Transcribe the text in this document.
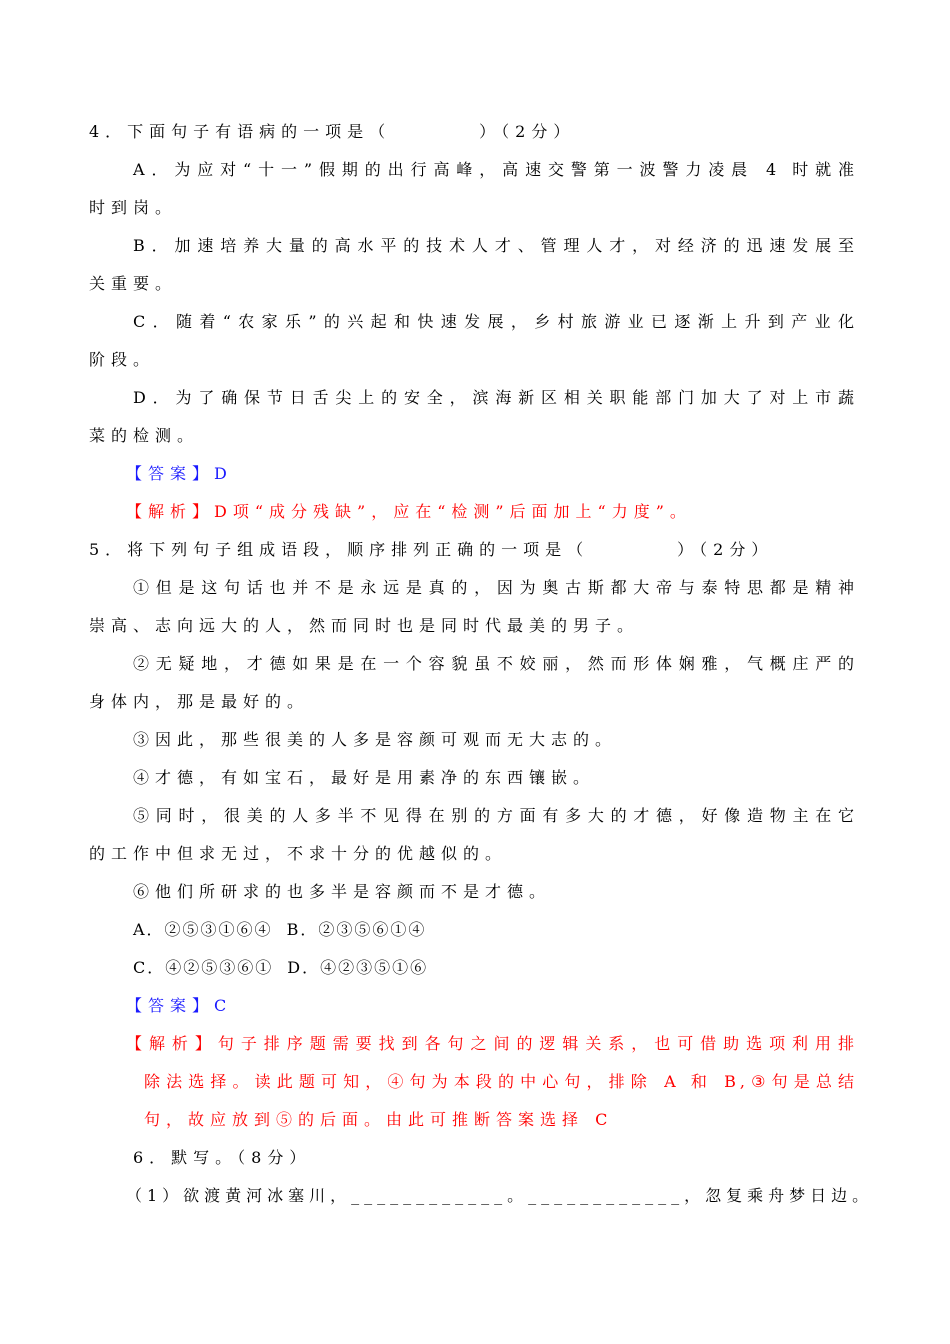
4．下面句子有语病的一项是（　　　　）（2分）
A．为应对“十一”假期的出行高峰，高速交警第一波警力凌晨 4 时就准
时到岗。
B．加速培养大量的高水平的技术人才、管理人才，对经济的迅速发展至
关重要。
C．随着“农家乐”的兴起和快速发展，乡村旅游业已逐渐上升到产业化
阶段。
D．为了确保节日舌尖上的安全，滨海新区相关职能部门加大了对上市蔬
菜的检测。
【答案】D
【解析】D项“成分残缺”，应在“检测”后面加上“力度”。
5．将下列句子组成语段，顺序排列正确的一项是（　　　　）（2分）
①但是这句话也并不是永远是真的，因为奥古斯都大帝与泰特思都是精神
崇高、志向远大的人，然而同时也是同时代最美的男子。
②无疑地，才德如果是在一个容貌虽不姣丽，然而形体娴雅，气概庄严的
身体内，那是最好的。
③因此，那些很美的人多是容颜可观而无大志的。
④才德，有如宝石，最好是用素净的东西镶嵌。
⑤同时，很美的人多半不见得在别的方面有多大的才德，好像造物主在它
的工作中但求无过，不求十分的优越似的。
⑥他们所研求的也多半是容颜而不是才德。
A．②⑤③①⑥④ B．②③⑤⑥①④
C．④②⑤③⑥① D．④②③⑤①⑥
【答案】C
【解析】句子排序题需要找到各句之间的逻辑关系，也可借助选项利用排
除法选择。读此题可知，④句为本段的中心句，排除 A 和 B,③句是总结
句，故应放到⑤的后面。由此可推断答案选择 C
6．默写。（8分）
（1）欲渡黄河冰塞川，____________。____________，忽复乘舟梦日边。
